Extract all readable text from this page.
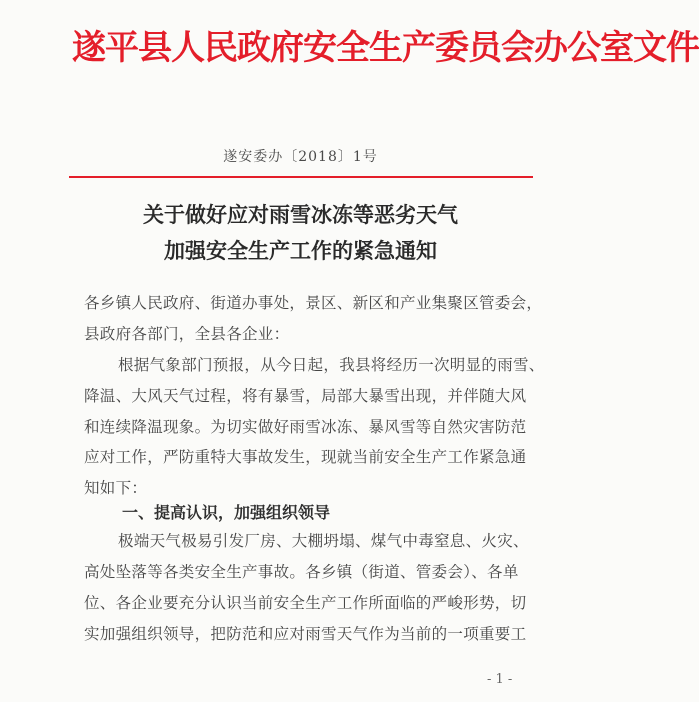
遂平县人民政府安全生产委员会办公室文件
遂安委办〔2018〕1号
关于做好应对雨雪冰冻等恶劣天气
加强安全生产工作的紧急通知
各乡镇人民政府、街道办事处，景区、新区和产业集聚区管委会，
县政府各部门，全县各企业：
根据气象部门预报，从今日起，我县将经历一次明显的雨雪、
降温、大风天气过程，将有暴雪，局部大暴雪出现，并伴随大风
和连续降温现象。为切实做好雨雪冰冻、暴风雪等自然灾害防范
应对工作，严防重特大事故发生，现就当前安全生产工作紧急通
知如下：
一、提高认识，加强组织领导
极端天气极易引发厂房、大棚坍塌、煤气中毒窒息、火灾、
高处坠落等各类安全生产事故。各乡镇（街道、管委会）、各单
位、各企业要充分认识当前安全生产工作所面临的严峻形势，切
实加强组织领导，把防范和应对雨雪天气作为当前的一项重要工
- 1 -
